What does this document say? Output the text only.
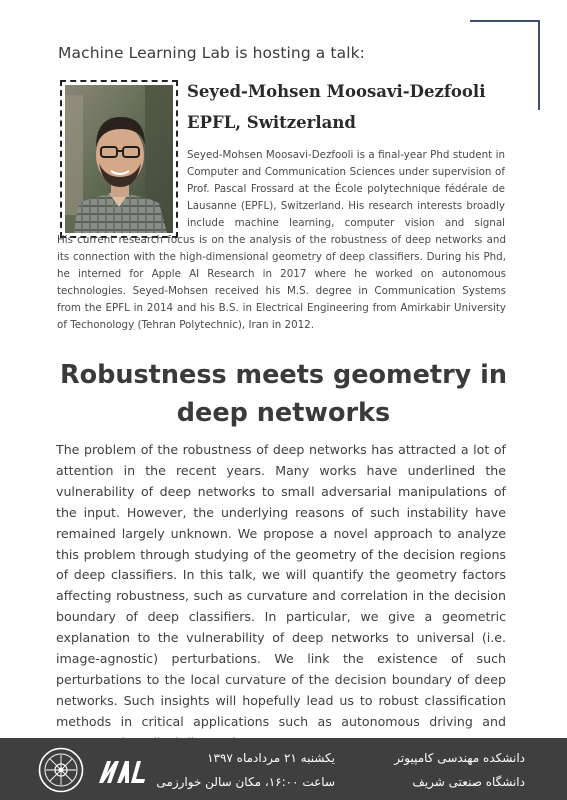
Machine Learning Lab is hosting a talk:
Seyed-Mohsen Moosavi-Dezfooli
EPFL, Switzerland

Seyed-Mohsen Moosavi-Dezfooli is a final-year Phd student in Computer and Communication Sciences under supervision of Prof. Pascal Frossard at the École polytechnique fédérale de Lausanne (EPFL), Switzerland. His research interests broadly include machine learning, computer vision and signal

His current research focus is on the analysis of the robustness of deep networks and its connection with the high-dimensional geometry of deep classifiers. During his Phd, he interned for Apple AI Research in 2017 where he worked on autonomous technologies. Seyed-Mohsen received his M.S. degree in Communication Systems from the EPFL in 2014 and his B.S. in Electrical Engineering from Amirkabir University of Techonology (Tehran Polytechnic), Iran in 2012.

Robustness meets geometry in deep networks

The problem of the robustness of deep networks has attracted a lot of attention in the recent years. Many works have underlined the vulnerability of deep networks to small adversarial manipulations of the input. However, the underlying reasons of such instability have remained largely unknown. We propose a novel approach to analyze this problem through studying of the geometry of the decision regions of deep classifiers. In this talk, we will quantify the geometry factors affecting robustness, such as curvature and correlation in the decision boundary of deep classifiers. In particular, we give a geometric explanation to the vulnerability of deep networks to universal (i.e. image-agnostic) perturbations. We link the existence of such perturbations to the local curvature of the decision boundary of deep networks. Such insights will hopefully lead us to robust classification methods in critical applications such as autonomous driving and

یکشنبه ۲۱ مردادماه ۱۳۹۷
ساعت ۱۶:۰۰، مکان سالن خوارزمی
دانشکده مهندسی کامپیوتر
دانشگاه صنعتی شریف
